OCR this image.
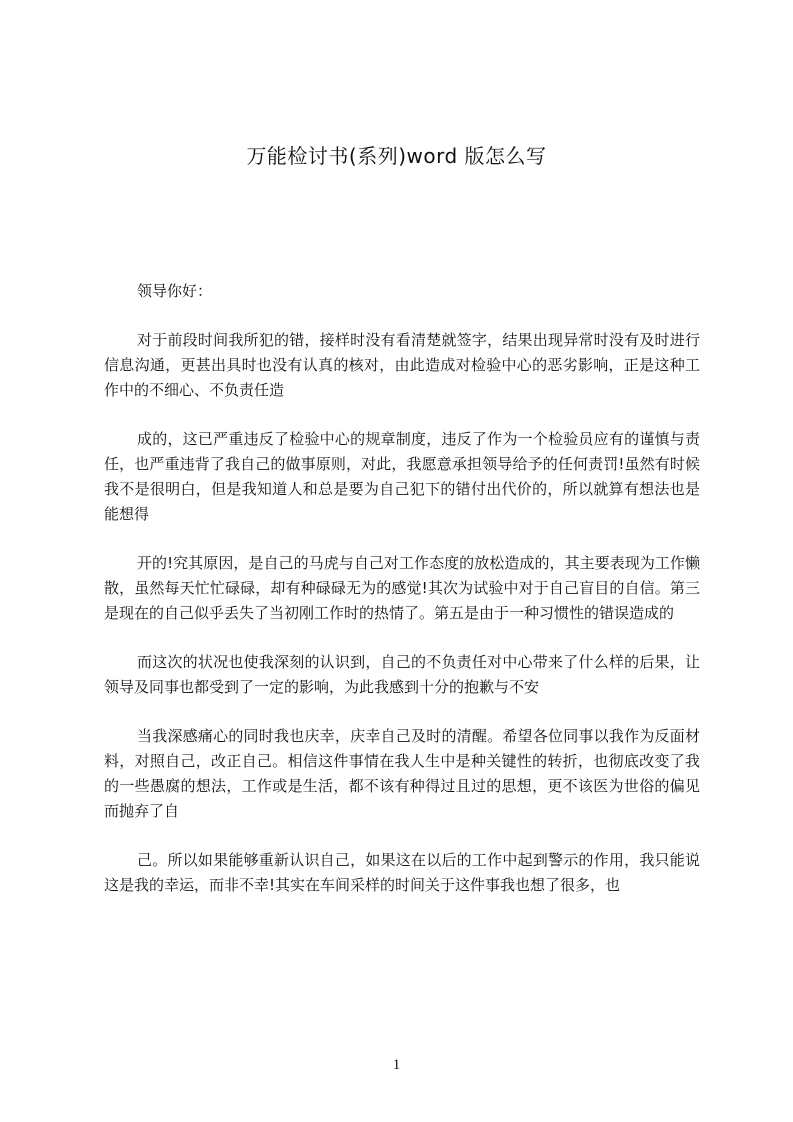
万能检讨书(系列)word 版怎么写

领导你好：

对于前段时间我所犯的错，接样时没有看清楚就签字，结果出现异常时没有及时进行信息沟通，更甚出具时也没有认真的核对，由此造成对检验中心的恶劣影响，正是这种工作中的不细心、不负责任造

成的，这已严重违反了检验中心的规章制度，违反了作为一个检验员应有的谨慎与责任，也严重违背了我自己的做事原则，对此，我愿意承担领导给予的任何责罚!虽然有时候我不是很明白，但是我知道人和总是要为自己犯下的错付出代价的，所以就算有想法也是能想得

开的!究其原因，是自己的马虎与自己对工作态度的放松造成的，其主要表现为工作懒散，虽然每天忙忙碌碌，却有种碌碌无为的感觉!其次为试验中对于自己盲目的自信。第三是现在的自己似乎丢失了当初刚工作时的热情了。第五是由于一种习惯性的错误造成的

而这次的状况也使我深刻的认识到，自己的不负责任对中心带来了什么样的后果，让领导及同事也都受到了一定的影响，为此我感到十分的抱歉与不安

当我深感痛心的同时我也庆幸，庆幸自己及时的清醒。希望各位同事以我作为反面材料，对照自己，改正自己。相信这件事情在我人生中是种关键性的转折，也彻底改变了我的一些愚腐的想法，工作或是生活，都不该有种得过且过的思想，更不该医为世俗的偏见而抛弃了自

己。所以如果能够重新认识自己，如果这在以后的工作中起到警示的作用，我只能说这是我的幸运，而非不幸!其实在车间采样的时间关于这件事我也想了很多，也

1
